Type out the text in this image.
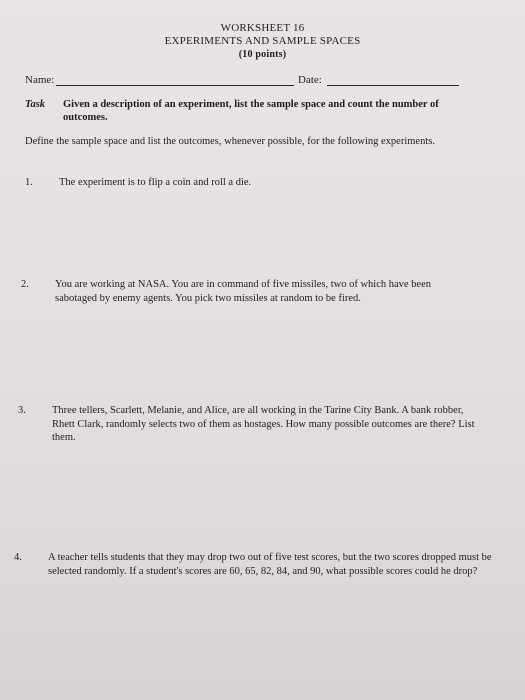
WORKSHEET 16
EXPERIMENTS AND SAMPLE SPACES
(10 points)
Name:	Date:
Task	Given a description of an experiment, list the sample space and count the number of outcomes.
Define the sample space and list the outcomes, whenever possible, for the following experiments.
1.	The experiment is to flip a coin and roll a die.
2.	You are working at NASA. You are in command of five missiles, two of which have been sabotaged by enemy agents. You pick two missiles at random to be fired.
3.	Three tellers, Scarlett, Melanie, and Alice, are all working in the Tarine City Bank. A bank robber, Rhett Clark, randomly selects two of them as hostages. How many possible outcomes are there? List them.
4.	A teacher tells students that they may drop two out of five test scores, but the two scores dropped must be selected randomly. If a student's scores are 60, 65, 82, 84, and 90, what possible scores could he drop?
